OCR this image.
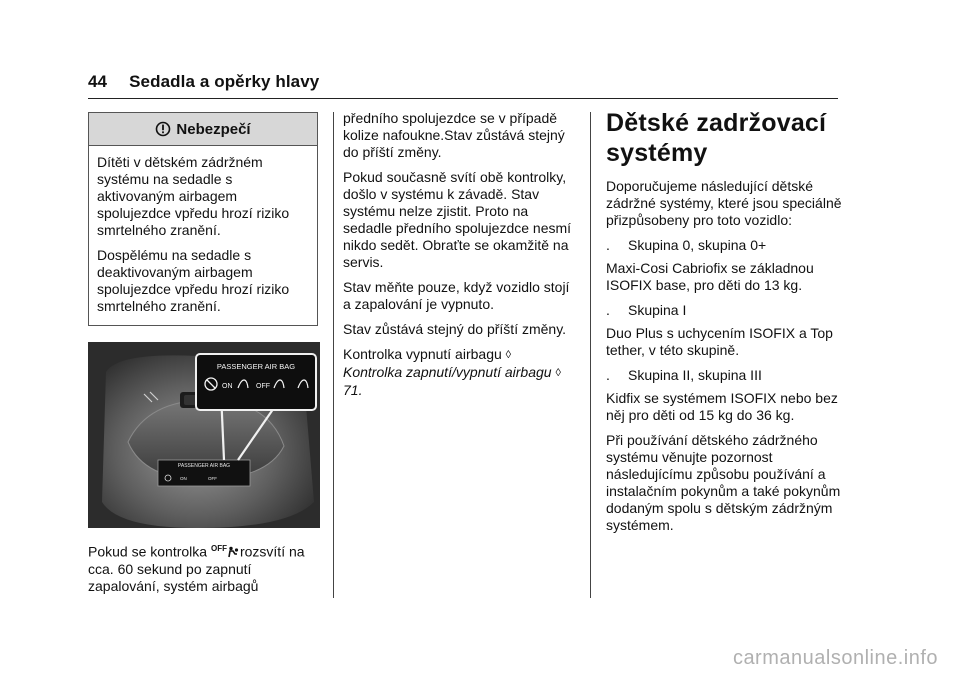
44 Sedadla a opěrky hlavy
Nebezpečí

Dítěti v dětském zádržném systému na sedadle s aktivovaným airbagem spolujezdce vpředu hrozí riziko smrtelného zranění.

Dospělému na sedadle s deaktivovaným airbagem spolujezdce vpředu hrozí riziko smrtelného zranění.

PASSENGER AIR BAG
ON	OFF
PASSENGER AIR BAG
ON	OFF
Pokud se kontrolka $^{OFF}$ rozsvítí na cca. 60 sekund po zapnutí zapalování, systém airbagů

předního spolujezdce se v případě kolize nafoukne.Stav zůstává stejný do příští změny.

Pokud současně svítí obě kontrolky, došlo v systému k závadě. Stav systému nelze zjistit. Proto na sedadle předního spolujezdce nesmí nikdo sedět. Obraťte se okamžitě na servis.

Stav měňte pouze, když vozidlo stojí a zapalování je vypnuto.

Stav zůstává stejný do příští změny.

Kontrolka vypnutí airbagu ◊

Kontrolka zapnutí/vypnutí airbagu ◊ 71.

Dětské zadržovací systémy

Doporučujeme následující dětské zádržné systémy, které jsou speciálně přizpůsobeny pro toto vozidlo:

.	Skupina 0, skupina 0+

Maxi-Cosi Cabriofix se základnou ISOFIX base, pro děti do 13 kg.

.	Skupina I

Duo Plus s uchycením ISOFIX a Top tether, v této skupině.

.	Skupina II, skupina III

Kidfix se systémem ISOFIX nebo bez něj pro děti od 15 kg do 36 kg.

Při používání dětského zádržného systému věnujte pozornost následujícímu způsobu používání a instalačním pokynům a také pokynům dodaným spolu s dětským zádržným systémem.

carmanualsonline.info
